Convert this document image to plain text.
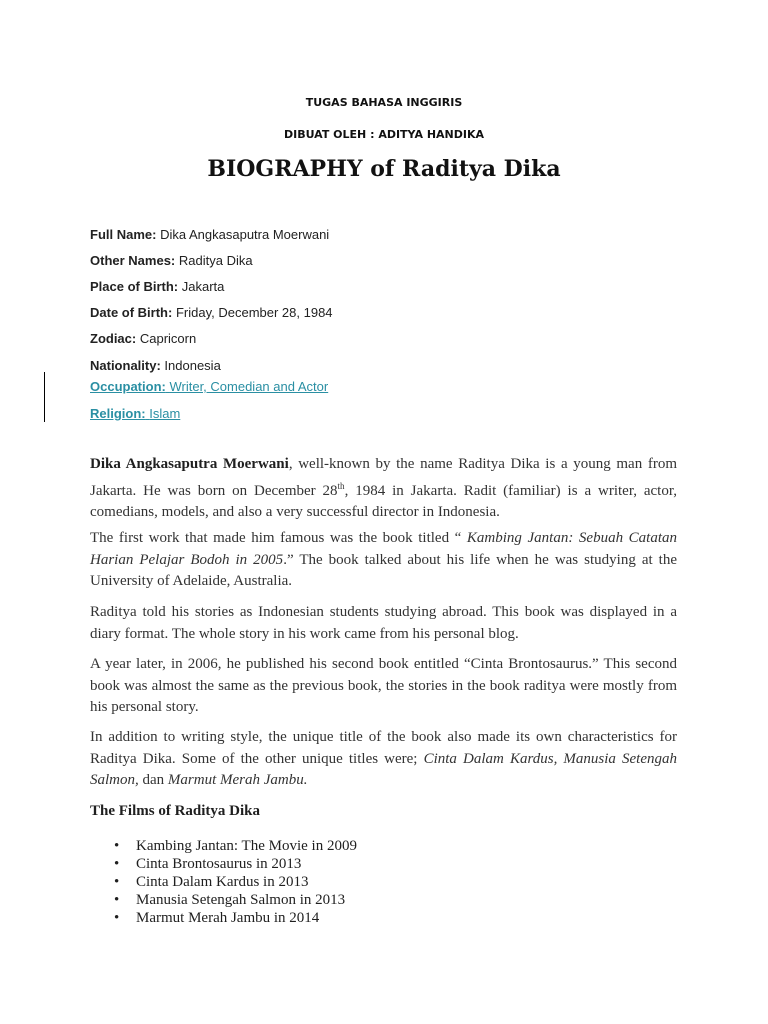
TUGAS BAHASA INGGIRIS
DIBUAT OLEH : ADITYA HANDIKA
BIOGRAPHY of Raditya Dika
Full Name: Dika Angkasaputra Moerwani
Other Names: Raditya Dika
Place of Birth: Jakarta
Date of Birth: Friday, December 28, 1984
Zodiac: Capricorn
Nationality: Indonesia
Occupation: Writer, Comedian and Actor
Religion: Islam
Dika Angkasaputra Moerwani, well-known by the name Raditya Dika is a young man from Jakarta. He was born on December 28th, 1984 in Jakarta. Radit (familiar) is a writer, actor, comedians, models, and also a very successful director in Indonesia.
The first work that made him famous was the book titled “ Kambing Jantan: Sebuah Catatan Harian Pelajar Bodoh in 2005.” The book talked about his life when he was studying at the University of Adelaide, Australia.
Raditya told his stories as Indonesian students studying abroad. This book was displayed in a diary format. The whole story in his work came from his personal blog.
A year later, in 2006, he published his second book entitled “Cinta Brontosaurus.” This second book was almost the same as the previous book, the stories in the book raditya were mostly from his personal story.
In addition to writing style, the unique title of the book also made its own characteristics for Raditya Dika. Some of the other unique titles were; Cinta Dalam Kardus, Manusia Setengah Salmon, dan Marmut Merah Jambu.
The Films of Raditya Dika
• Kambing Jantan: The Movie in 2009
• Cinta Brontosaurus in 2013
• Cinta Dalam Kardus in 2013
• Manusia Setengah Salmon in 2013
• Marmut Merah Jambu in 2014
